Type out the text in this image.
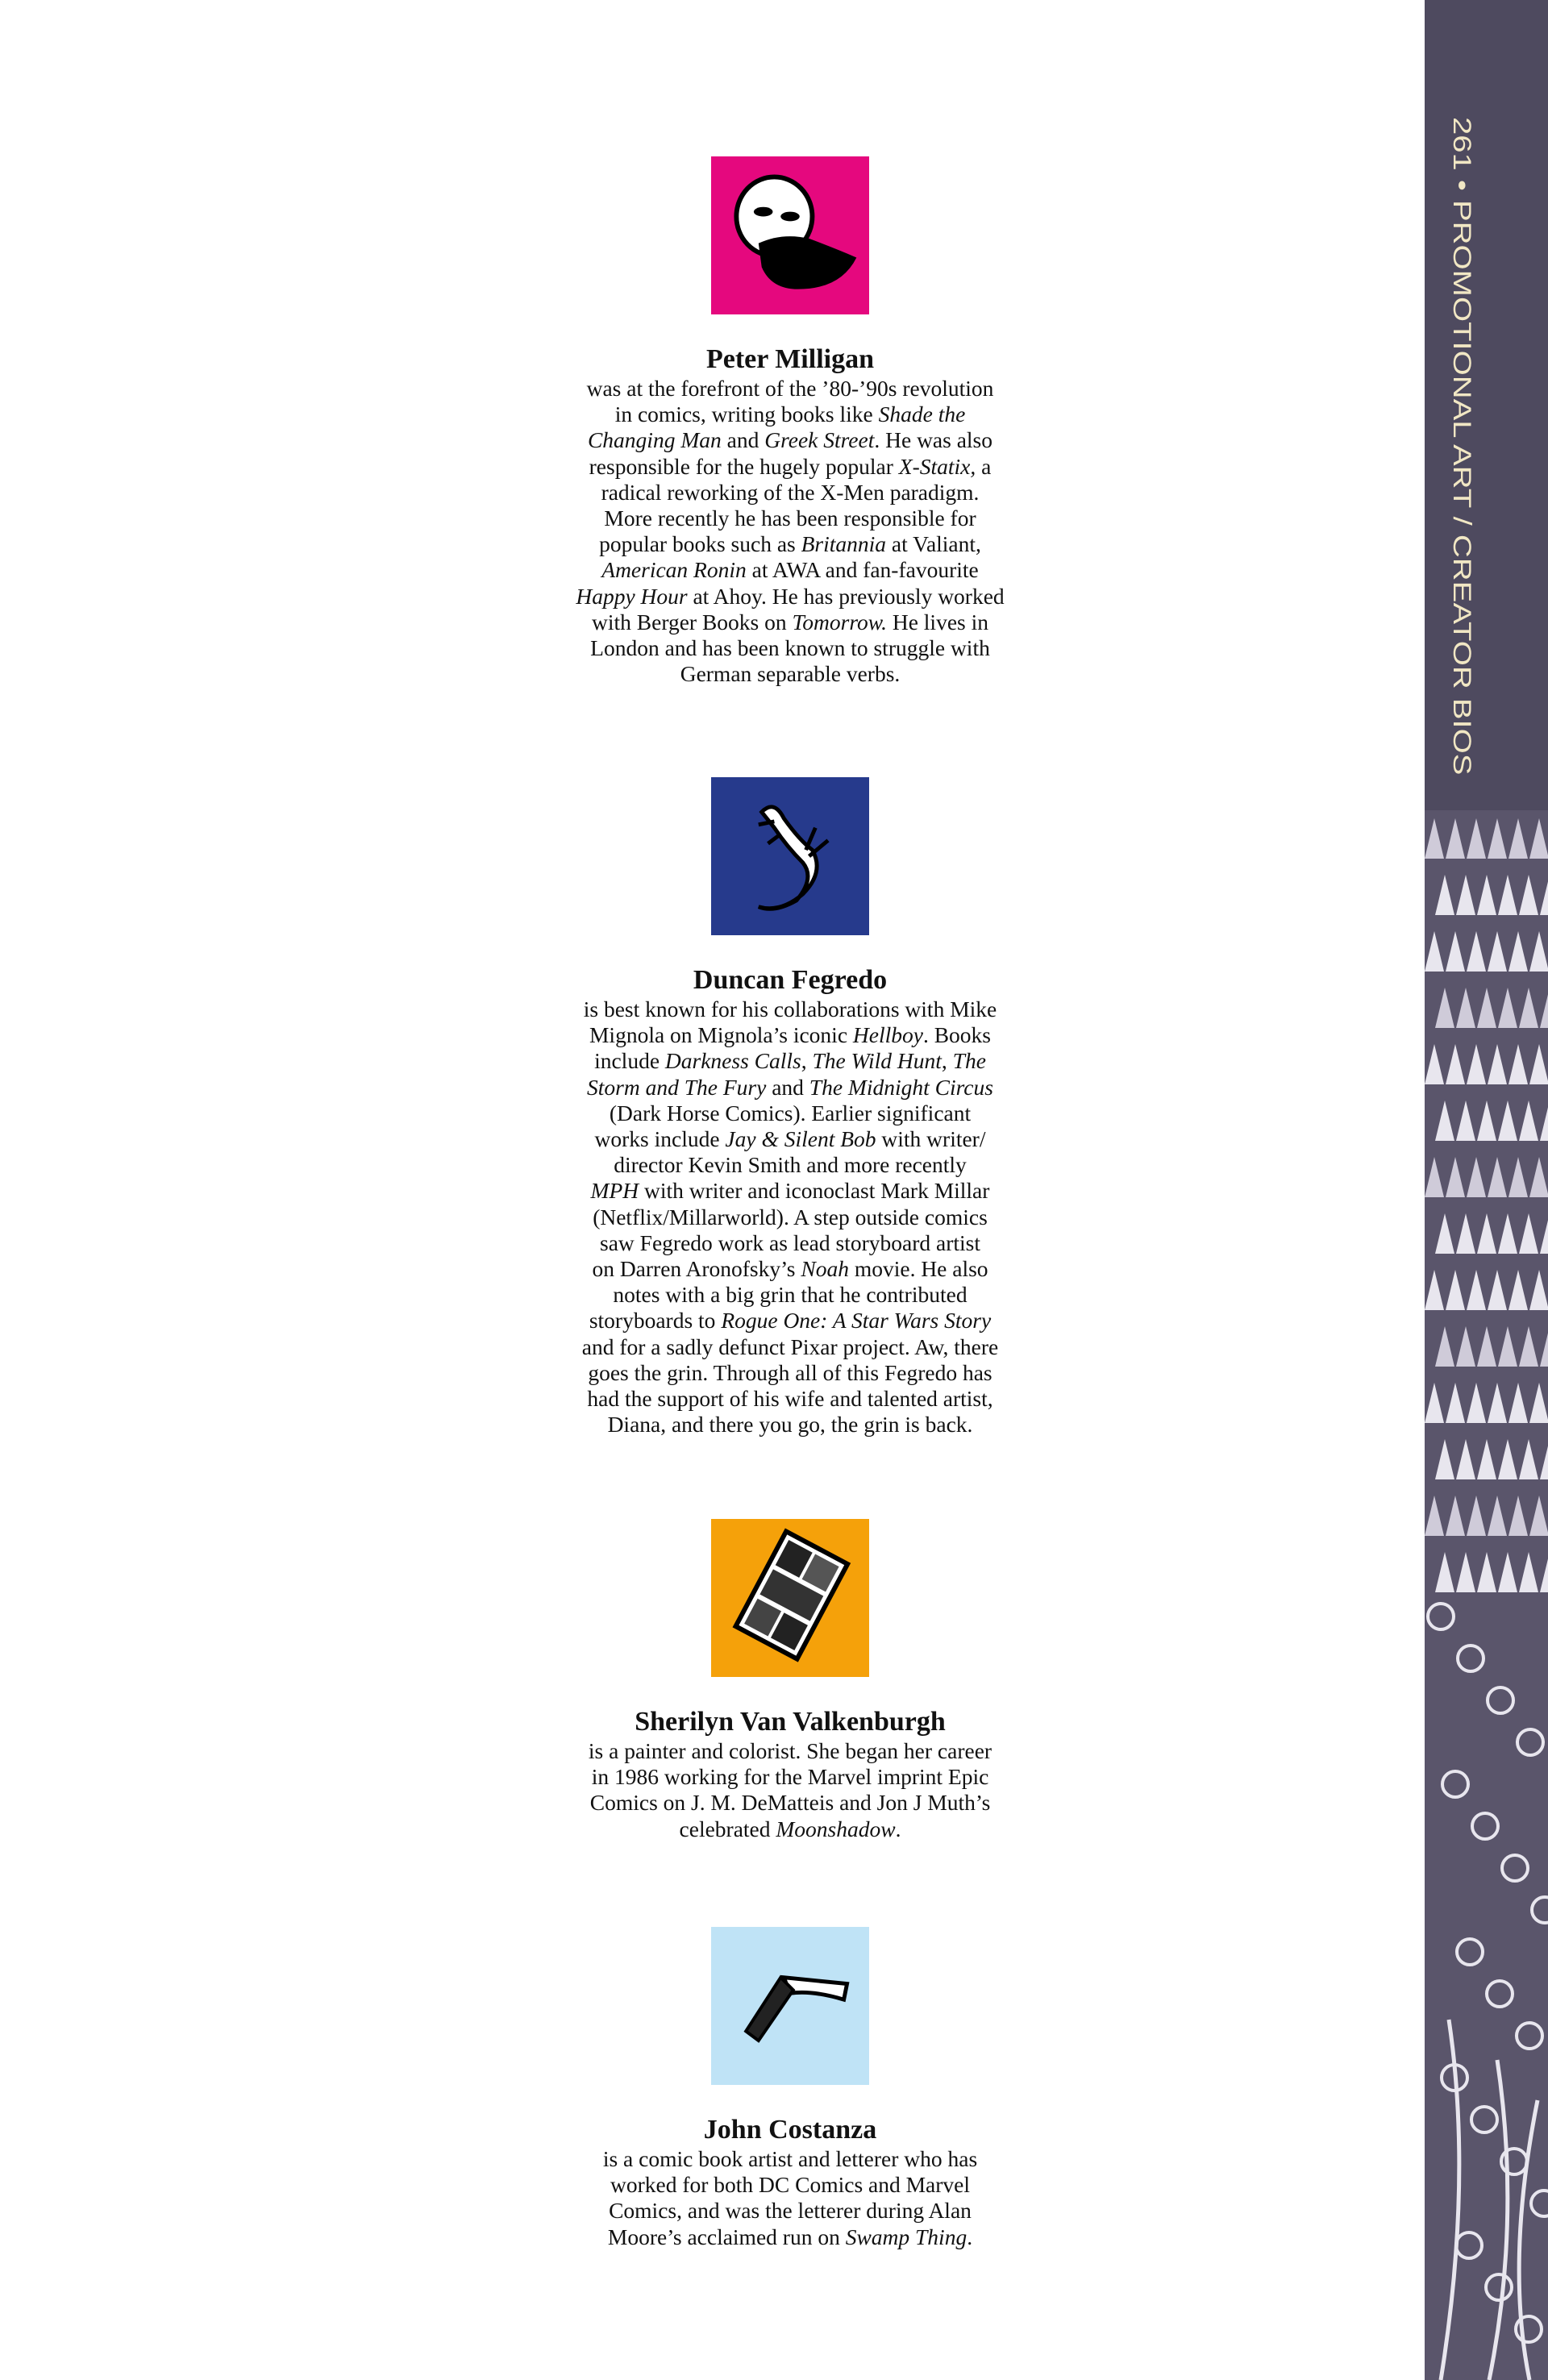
Peter Milligan
was at the forefront of the ’80-’90s revolution
in comics, writing books like Shade the
Changing Man and Greek Street. He was also
responsible for the hugely popular X-Statix, a
radical reworking of the X-Men paradigm.
More recently he has been responsible for
popular books such as Britannia at Valiant,
American Ronin at AWA and fan-favourite
Happy Hour at Ahoy. He has previously worked
with Berger Books on Tomorrow. He lives in
London and has been known to struggle with
German separable verbs.
Duncan Fegredo
is best known for his collaborations with Mike
Mignola on Mignola’s iconic Hellboy. Books
include Darkness Calls, The Wild Hunt, The
Storm and The Fury and The Midnight Circus
(Dark Horse Comics). Earlier significant
works include Jay & Silent Bob with writer/
director Kevin Smith and more recently
MPH with writer and iconoclast Mark Millar
(Netflix/Millarworld). A step outside comics
saw Fegredo work as lead storyboard artist
on Darren Aronofsky’s Noah movie. He also
notes with a big grin that he contributed
storyboards to Rogue One: A Star Wars Story
and for a sadly defunct Pixar project. Aw, there
goes the grin. Through all of this Fegredo has
had the support of his wife and talented artist,
Diana, and there you go, the grin is back.
Sherilyn Van Valkenburgh
is a painter and colorist. She began her career
in 1986 working for the Marvel imprint Epic
Comics on J. M. DeMatteis and Jon J Muth’s
celebrated Moonshadow.
John Costanza
is a comic book artist and letterer who has
worked for both DC Comics and Marvel
Comics, and was the letterer during Alan
Moore’s acclaimed run on Swamp Thing.
261 • PROMOTIONAL ART / CREATOR BIOS
